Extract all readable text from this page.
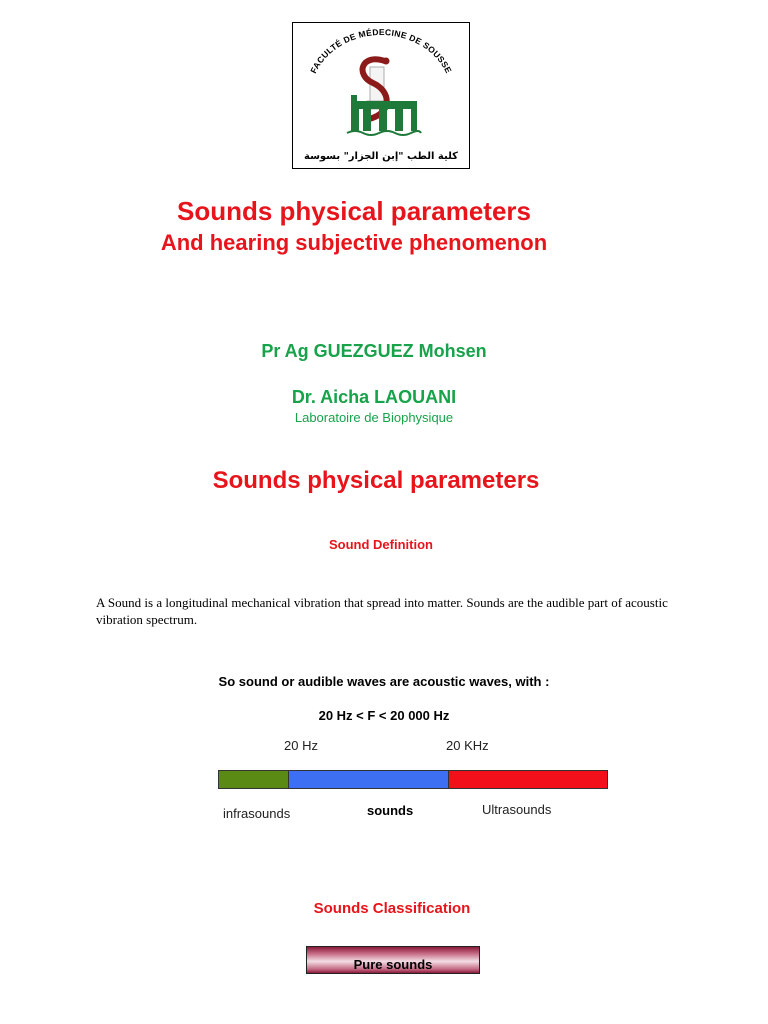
FACULTÉ DE MÉDECINE DE SOUSSE
كلية الطب "إبن الجزار" بسوسة
Sounds physical parameters
And hearing subjective phenomenon
Pr Ag GUEZGUEZ Mohsen
Dr. Aicha LAOUANI
Laboratoire de Biophysique
Sounds physical parameters
Sound Definition
A Sound is a longitudinal mechanical vibration that spread into matter. Sounds are the audible part of acoustic vibration spectrum.
So sound or audible waves are acoustic waves, with :
20 Hz < F < 20 000 Hz
20 Hz	20 KHz
infrasounds	sounds	Ultrasounds
Sounds Classification
Pure sounds
